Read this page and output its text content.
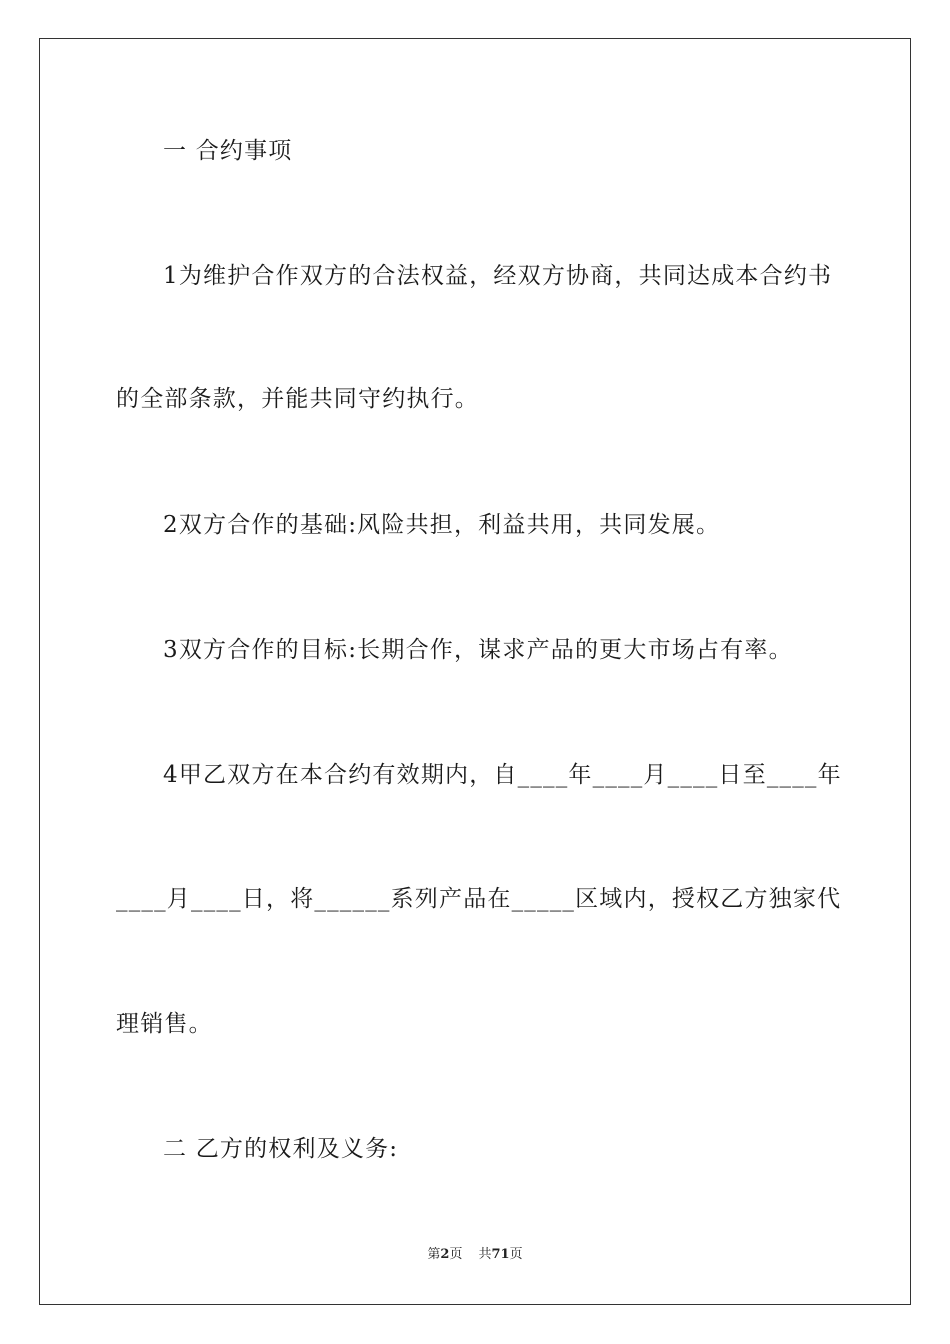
一 合约事项
1为维护合作双方的合法权益，经双方协商，共同达成本合约书
的全部条款，并能共同守约执行。
2双方合作的基础:风险共担，利益共用，共同发展。
3双方合作的目标:长期合作，谋求产品的更大市场占有率。
4甲乙双方在本合约有效期内，自____年____月____日至____年
____月____日，将______系列产品在_____区域内，授权乙方独家代
理销售。
二 乙方的权利及义务:
第2页 共71页
